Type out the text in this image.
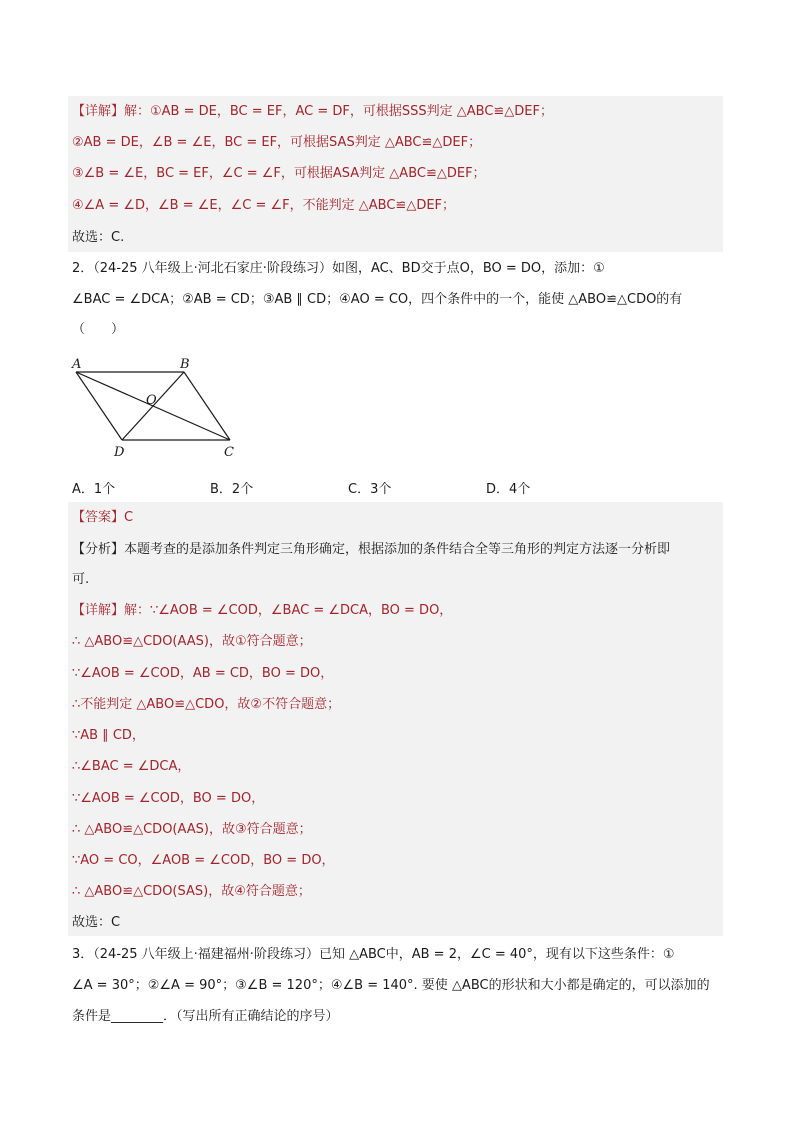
【详解】解：①AB = DE，BC = EF，AC = DF，可根据SSS判定 △ABC≌△DEF；
②AB = DE，∠B = ∠E，BC = EF，可根据SAS判定 △ABC≌△DEF；
③∠B = ∠E，BC = EF，∠C = ∠F，可根据ASA判定 △ABC≌△DEF；
④∠A = ∠D，∠B = ∠E，∠C = ∠F，不能判定 △ABC≌△DEF；
故选：C.
2．（24-25 八年级上·河北石家庄·阶段练习）如图，AC、BD交于点O，BO = DO，添加：①
∠BAC = ∠DCA；②AB = CD；③AB ∥ CD；④AO = CO，四个条件中的一个，能使 △ABO≌△CDO的有
（　　）
A	B
O
D	C
A．1个	B．2个	C．3个	D．4个
【答案】C
【分析】本题考查的是添加条件判定三角形确定，根据添加的条件结合全等三角形的判定方法逐一分析即
可.
【详解】解：∵∠AOB = ∠COD，∠BAC = ∠DCA，BO = DO，
∴ △ABO≌△CDO(AAS)，故①符合题意；
∵∠AOB = ∠COD，AB = CD，BO = DO，
∴不能判定 △ABO≌△CDO，故②不符合题意；
∵AB ∥ CD，
∴∠BAC = ∠DCA，
∵∠AOB = ∠COD，BO = DO，
∴ △ABO≌△CDO(AAS)，故③符合题意；
∵AO = CO，∠AOB = ∠COD，BO = DO，
∴ △ABO≌△CDO(SAS)，故④符合题意；
故选：C
3．（24-25 八年级上·福建福州·阶段练习）已知 △ABC中，AB = 2，∠C = 40°，现有以下这些条件：①
∠A = 30°；②∠A = 90°；③∠B = 120°；④∠B = 140°. 要使 △ABC的形状和大小都是确定的，可以添加的
条件是________．（写出所有正确结论的序号）
